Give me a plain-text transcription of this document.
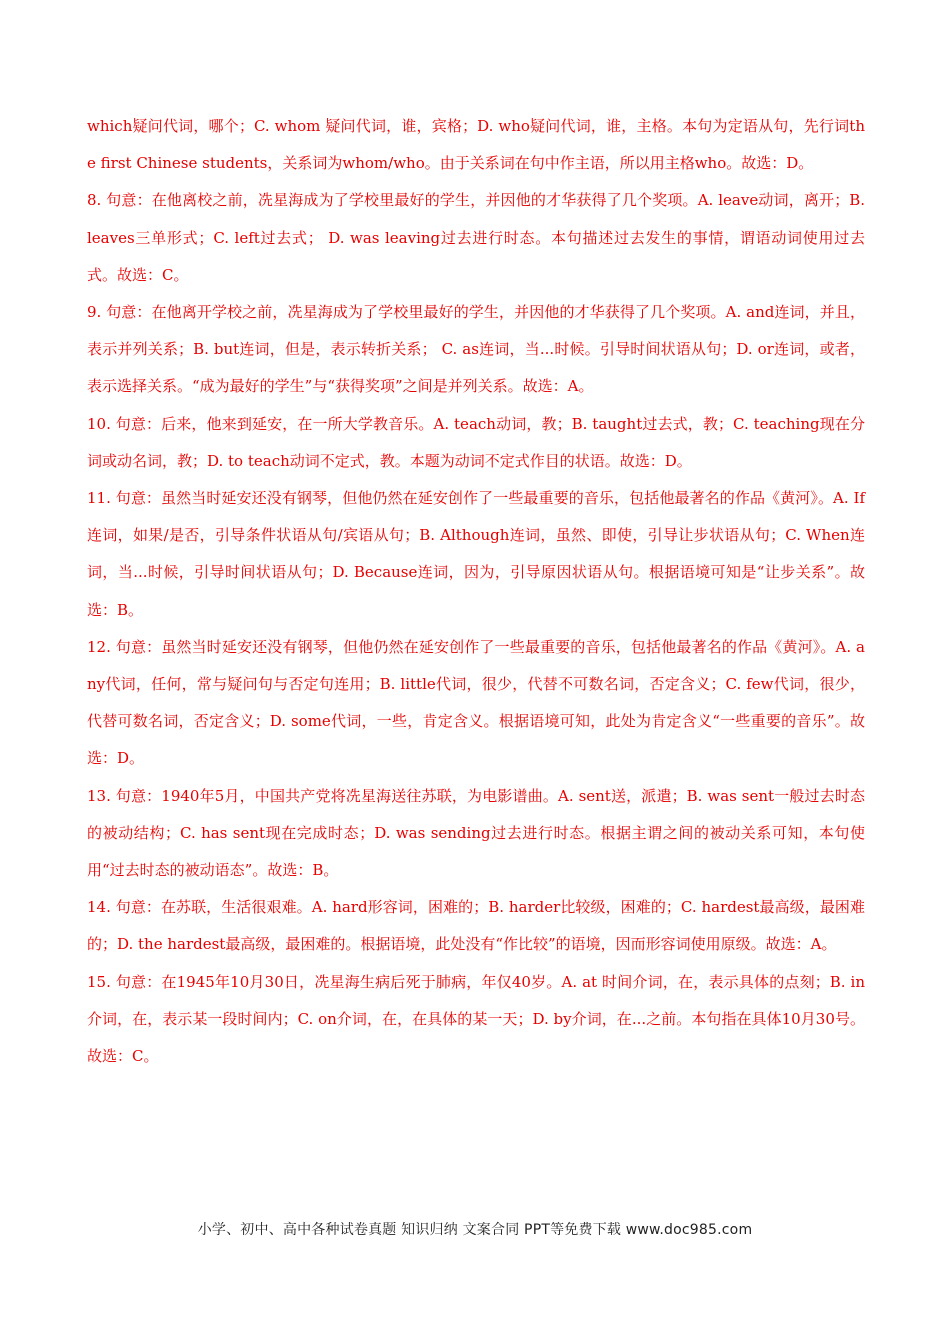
which疑问代词，哪个；C. whom 疑问代词，谁，宾格；D. who疑问代词，谁，主格。本句为定语从句，先行词the first Chinese students，关系词为whom/who。由于关系词在句中作主语，所以用主格who。故选：D。

8. 句意：在他离校之前，冼星海成为了学校里最好的学生，并因他的才华获得了几个奖项。A. leave动词，离开；B. leaves三单形式；C. left过去式； D. was leaving过去进行时态。本句描述过去发生的事情，谓语动词使用过去式。故选：C。

9. 句意：在他离开学校之前，冼星海成为了学校里最好的学生，并因他的才华获得了几个奖项。A. and连词，并且，表示并列关系；B. but连词，但是，表示转折关系； C. as连词，当...时候。引导时间状语从句；D. or连词，或者，表示选择关系。“成为最好的学生”与“获得奖项”之间是并列关系。故选：A。

10. 句意：后来，他来到延安，在一所大学教音乐。A. teach动词，教；B. taught过去式，教；C. teaching现在分词或动名词，教；D. to teach动词不定式，教。本题为动词不定式作目的状语。故选：D。

11. 句意：虽然当时延安还没有钢琴，但他仍然在延安创作了一些最重要的音乐，包括他最著名的作品《黄河》。A. If 连词，如果/是否，引导条件状语从句/宾语从句；B. Although连词，虽然、即使，引导让步状语从句；C. When连词，当...时候，引导时间状语从句；D. Because连词，因为，引导原因状语从句。根据语境可知是“让步关系”。故选：B。

12. 句意：虽然当时延安还没有钢琴，但他仍然在延安创作了一些最重要的音乐，包括他最著名的作品《黄河》。A. any代词，任何，常与疑问句与否定句连用；B. little代词，很少，代替不可数名词，否定含义；C. few代词，很少，代替可数名词，否定含义；D. some代词，一些，肯定含义。根据语境可知，此处为肯定含义“一些重要的音乐”。故选：D。

13. 句意：1940年5月，中国共产党将冼星海送往苏联，为电影谱曲。A. sent送，派遣；B. was sent一般过去时态的被动结构；C. has sent现在完成时态；D. was sending过去进行时态。根据主谓之间的被动关系可知，本句使用“过去时态的被动语态”。故选：B。

14. 句意：在苏联，生活很艰难。A. hard形容词，困难的；B. harder比较级，困难的；C. hardest最高级，最困难的；D. the hardest最高级，最困难的。根据语境，此处没有“作比较”的语境，因而形容词使用原级。故选：A。

15. 句意：在1945年10月30日，冼星海生病后死于肺病，年仅40岁。A. at 时间介词，在，表示具体的点刻；B. in介词，在，表示某一段时间内；C. on介词，在，在具体的某一天；D. by介词，在...之前。本句指在具体10月30号。故选：C。

小学、初中、高中各种试卷真题 知识归纳 文案合同 PPT等免费下载 www.doc985.com
